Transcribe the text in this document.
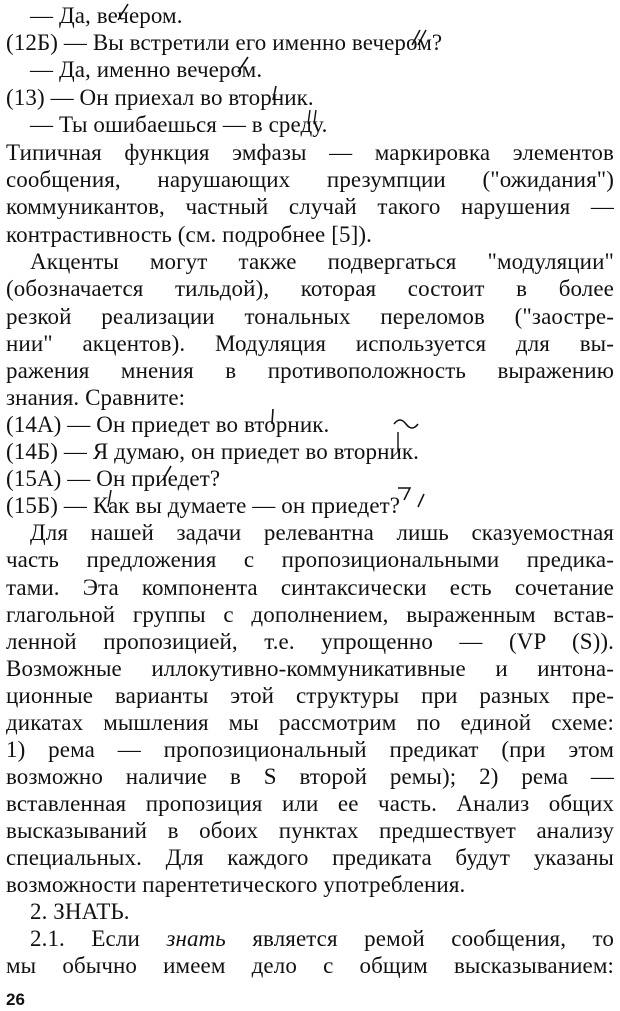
— Да, вечером.
(12Б) — Вы встретили его именно вечером?
— Да, именно вечером.
(13) — Он приехал во вторник.
— Ты ошибаешься — в среду.
Типичная функция эмфазы — маркировка элементов
сообщения, нарушающих презумпции ("ожидания")
коммуникантов, частный случай такого нарушения —
контрастивность (см. подробнее [5]).
Акценты могут также подвергаться "модуляции"
(обозначается тильдой), которая состоит в более
резкой реализации тональных переломов ("заостре-
нии" акцентов). Модуляция используется для вы-
ражения мнения в противоположность выражению
знания. Сравните:
(14А) — Он приедет во вторник.
(14Б) — Я думаю, он приедет во вторник.
(15А) — Он приедет?
(15Б) — Как вы думаете — он приедет?
Для нашей задачи релевантна лишь сказуемостная
часть предложения с пропозициональными предика-
тами. Эта компонента синтаксически есть сочетание
глагольной группы с дополнением, выраженным встав-
ленной пропозицией, т.е. упрощенно — (VP (S)).
Возможные иллокутивно-коммуникативные и интона-
ционные варианты этой структуры при разных пре-
дикатах мышления мы рассмотрим по единой схеме:
1) рема — пропозициональный предикат (при этом
возможно наличие в S второй ремы); 2) рема —
вставленная пропозиция или ее часть. Анализ общих
высказываний в обоих пунктах предшествует анализу
специальных. Для каждого предиката будут указаны
возможности парентетического употребления.
2. ЗНАТЬ.
2.1. Если знать является ремой сообщения, то
мы обычно имеем дело с общим высказыванием:
26
